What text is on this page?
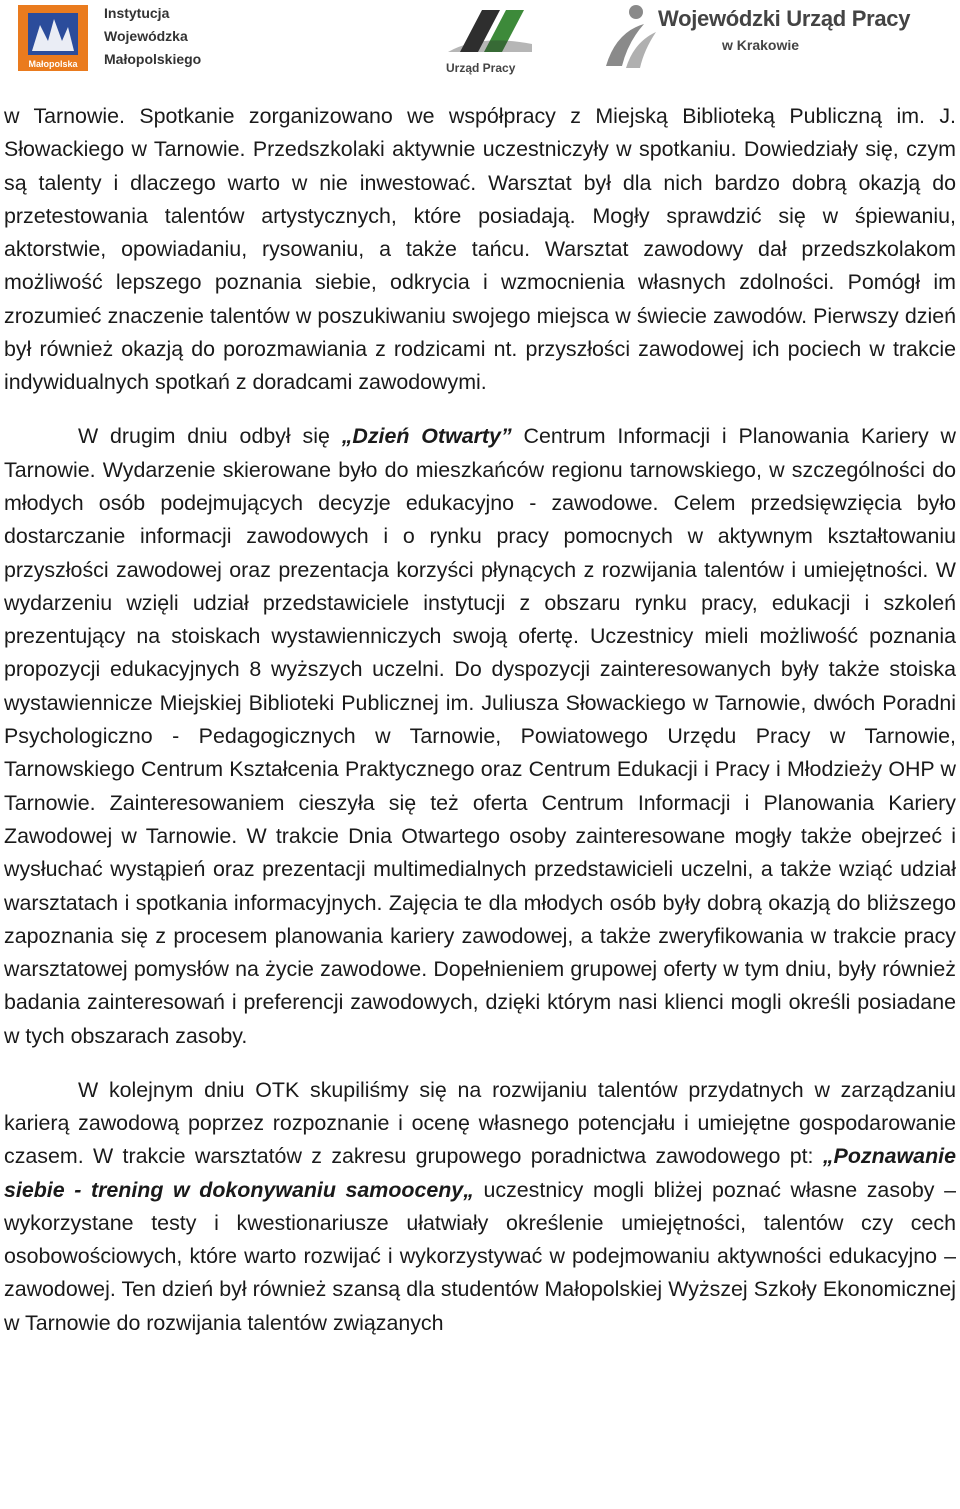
Małopolska
Instytucja
Wojewódzka
Małopolskiego
Urząd Pracy
Wojewódzki Urząd Pracy
w Krakowie

w Tarnowie. Spotkanie zorganizowano we współpracy z Miejską Biblioteką Publiczną im. J. Słowackiego w Tarnowie. Przedszkolaki aktywnie uczestniczyły w spotkaniu. Dowiedziały się, czym są talenty i dlaczego warto w nie inwestować. Warsztat był dla nich bardzo dobrą okazją do przetestowania talentów artystycznych, które posiadają. Mogły sprawdzić się w śpiewaniu, aktorstwie, opowiadaniu, rysowaniu, a także tańcu. Warsztat zawodowy dał przedszkolakom możliwość lepszego poznania siebie, odkrycia i wzmocnienia własnych zdolności. Pomógł im zrozumieć znaczenie talentów w poszukiwaniu swojego miejsca w świecie zawodów. Pierwszy dzień był również okazją do porozmawiania z rodzicami nt. przyszłości zawodowej ich pociech w trakcie indywidualnych spotkań z doradcami zawodowymi.

W drugim dniu odbył się „Dzień Otwarty” Centrum Informacji i Planowania Kariery w Tarnowie. Wydarzenie skierowane było do mieszkańców regionu tarnowskiego, w szczególności do młodych osób podejmujących decyzje edukacyjno - zawodowe. Celem przedsięwzięcia było dostarczanie informacji zawodowych i o rynku pracy pomocnych w aktywnym kształtowaniu przyszłości zawodowej oraz prezentacja korzyści płynących z rozwijania talentów i umiejętności. W wydarzeniu wzięli udział przedstawiciele instytucji z obszaru rynku pracy, edukacji i szkoleń prezentujący na stoiskach wystawienniczych swoją ofertę. Uczestnicy mieli możliwość poznania propozycji edukacyjnych 8 wyższych uczelni. Do dyspozycji zainteresowanych były także stoiska wystawiennicze Miejskiej Biblioteki Publicznej im. Juliusza Słowackiego w Tarnowie, dwóch Poradni Psychologiczno - Pedagogicznych w Tarnowie, Powiatowego Urzędu Pracy w Tarnowie, Tarnowskiego Centrum Kształcenia Praktycznego oraz Centrum Edukacji i Pracy i Młodzieży OHP w Tarnowie. Zainteresowaniem cieszyła się też oferta Centrum Informacji i Planowania Kariery Zawodowej w Tarnowie. W trakcie Dnia Otwartego osoby zainteresowane mogły także obejrzeć i wysłuchać wystąpień oraz prezentacji multimedialnych przedstawicieli uczelni, a także wziąć udział warsztatach i spotkania informacyjnych. Zajęcia te dla młodych osób były dobrą okazją do bliższego zapoznania się z procesem planowania kariery zawodowej, a także zweryfikowania w trakcie pracy warsztatowej pomysłów na życie zawodowe. Dopełnieniem grupowej oferty w tym dniu, były również badania zainteresowań i preferencji zawodowych, dzięki którym nasi klienci mogli określi posiadane w tych obszarach zasoby.

W kolejnym dniu OTK skupiliśmy się na rozwijaniu talentów przydatnych w zarządzaniu karierą zawodową poprzez rozpoznanie i ocenę własnego potencjału i umiejętne gospodarowanie czasem. W trakcie warsztatów z zakresu grupowego poradnictwa zawodowego pt: „Poznawanie siebie - trening w dokonywaniu samooceny„ uczestnicy mogli bliżej poznać własne zasoby – wykorzystane testy i kwestionariusze ułatwiały określenie umiejętności, talentów czy cech osobowościowych, które warto rozwijać i wykorzystywać w podejmowaniu aktywności edukacyjno – zawodowej. Ten dzień był również szansą dla studentów Małopolskiej Wyższej Szkoły Ekonomicznej w Tarnowie do rozwijania talentów związanych
